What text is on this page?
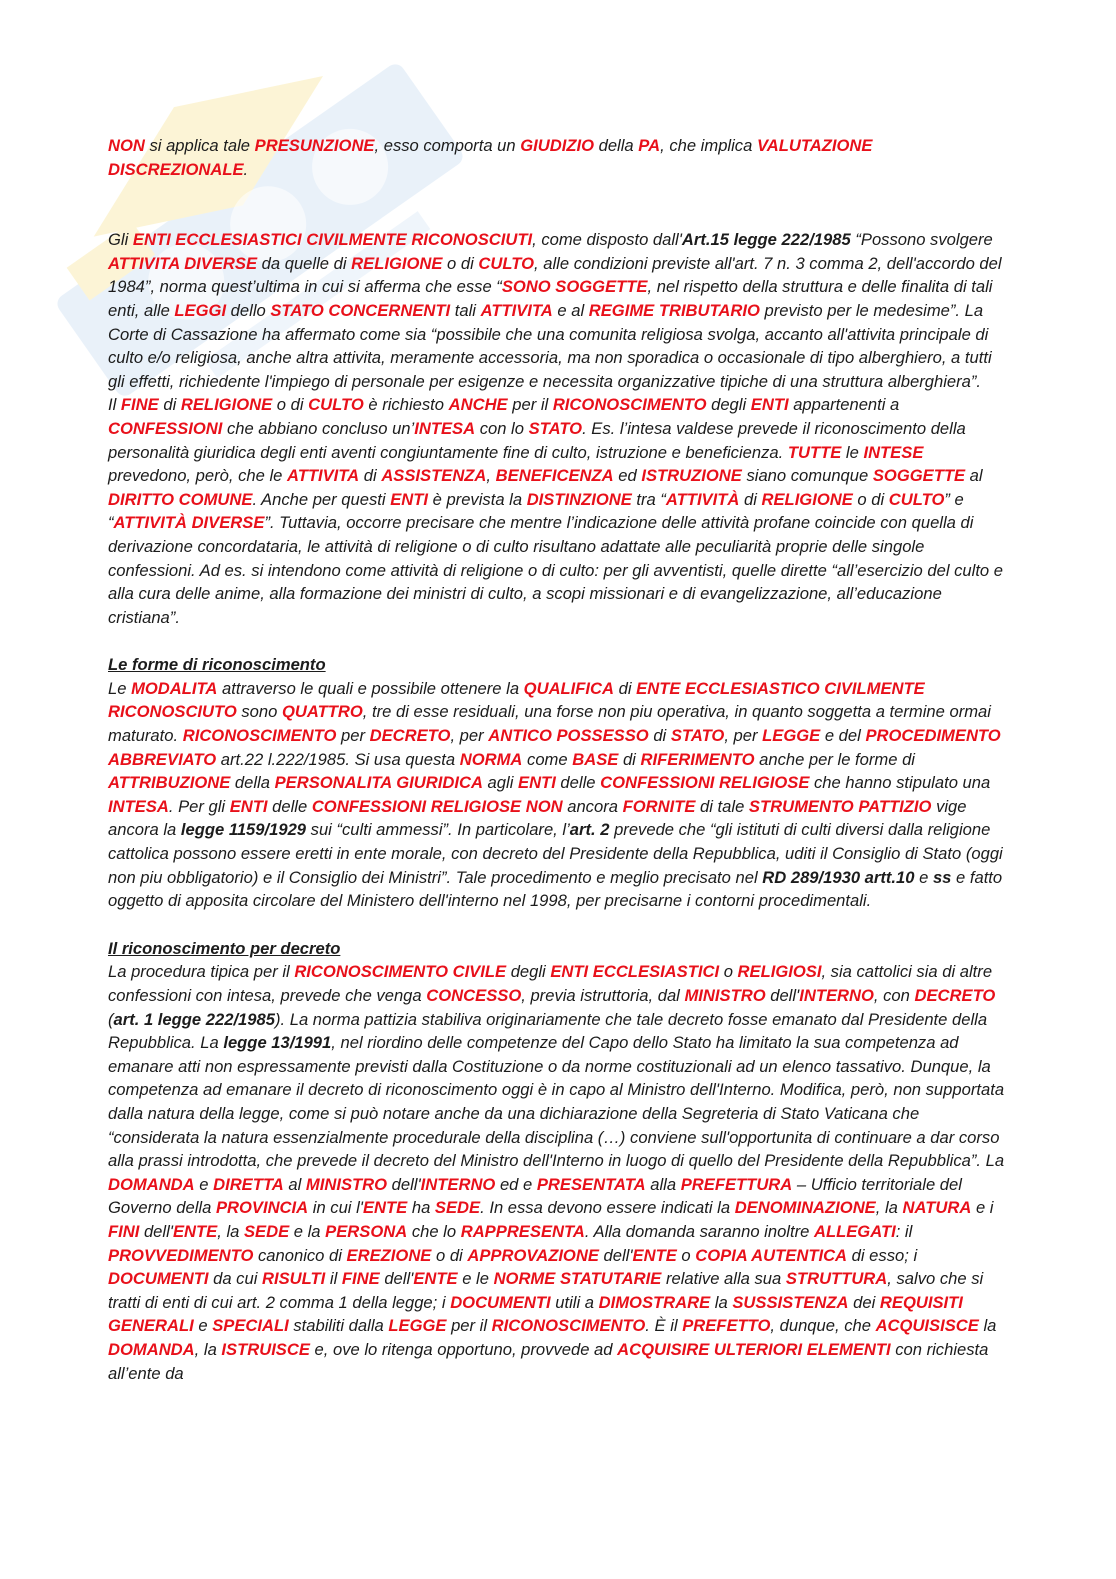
NON si applica tale PRESUNZIONE, esso comporta un GIUDIZIO della PA, che implica VALUTAZIONE DISCREZIONALE.

Gli ENTI ECCLESIASTICI CIVILMENTE RICONOSCIUTI, come disposto dall'Art.15 legge 222/1985 “Possono svolgere ATTIVITA DIVERSE da quelle di RELIGIONE o di CULTO, alle condizioni previste all'art. 7 n. 3 comma 2, dell'accordo del 1984”, norma quest’ultima in cui si afferma che esse “SONO SOGGETTE, nel rispetto della struttura e delle finalita di tali enti, alle LEGGI dello STATO CONCERNENTI tali ATTIVITA e al REGIME TRIBUTARIO previsto per le medesime”. La Corte di Cassazione ha affermato come sia “possibile che una comunita religiosa svolga, accanto all'attivita principale di culto e/o religiosa, anche altra attivita, meramente accessoria, ma non sporadica o occasionale di tipo alberghiero, a tutti gli effetti, richiedente l'impiego di personale per esigenze e necessita organizzative tipiche di una struttura alberghiera”.

Il FINE di RELIGIONE o di CULTO è richiesto ANCHE per il RICONOSCIMENTO degli ENTI appartenenti a CONFESSIONI che abbiano concluso un’INTESA con lo STATO. Es. l’intesa valdese prevede il riconoscimento della personalità giuridica degli enti aventi congiuntamente fine di culto, istruzione e beneficienza. TUTTE le INTESE prevedono, però, che le ATTIVITA di ASSISTENZA, BENEFICENZA ed ISTRUZIONE siano comunque SOGGETTE al DIRITTO COMUNE. Anche per questi ENTI è prevista la DISTINZIONE tra “ATTIVITÀ di RELIGIONE o di CULTO” e “ATTIVITÀ DIVERSE”. Tuttavia, occorre precisare che mentre l’indicazione delle attività profane coincide con quella di derivazione concordataria, le attività di religione o di culto risultano adattate alle peculiarità proprie delle singole confessioni. Ad es. si intendono come attività di religione o di culto: per gli avventisti, quelle dirette “all’esercizio del culto e alla cura delle anime, alla formazione dei ministri di culto, a scopi missionari e di evangelizzazione, all’educazione cristiana”.

Le forme di riconoscimento

Le MODALITA attraverso le quali e possibile ottenere la QUALIFICA di ENTE ECCLESIASTICO CIVILMENTE RICONOSCIUTO sono QUATTRO, tre di esse residuali, una forse non piu operativa, in quanto soggetta a termine ormai maturato. RICONOSCIMENTO per DECRETO, per ANTICO POSSESSO di STATO, per LEGGE e del PROCEDIMENTO ABBREVIATO art.22 l.222/1985. Si usa questa NORMA come BASE di RIFERIMENTO anche per le forme di ATTRIBUZIONE della PERSONALITA GIURIDICA agli ENTI delle CONFESSIONI RELIGIOSE che hanno stipulato una INTESA. Per gli ENTI delle CONFESSIONI RELIGIOSE NON ancora FORNITE di tale STRUMENTO PATTIZIO vige ancora la legge 1159/1929 sui “culti ammessi”. In particolare, l’art. 2 prevede che “gli istituti di culti diversi dalla religione cattolica possono essere eretti in ente morale, con decreto del Presidente della Repubblica, uditi il Consiglio di Stato (oggi non piu obbligatorio) e il Consiglio dei Ministri”. Tale procedimento e meglio precisato nel RD 289/1930 artt.10 e ss e fatto oggetto di apposita circolare del Ministero dell'interno nel 1998, per precisarne i contorni procedimentali.

Il riconoscimento per decreto

La procedura tipica per il RICONOSCIMENTO CIVILE degli ENTI ECCLESIASTICI o RELIGIOSI, sia cattolici sia di altre confessioni con intesa, prevede che venga CONCESSO, previa istruttoria, dal MINISTRO dell'INTERNO, con DECRETO (art. 1 legge 222/1985). La norma pattizia stabiliva originariamente che tale decreto fosse emanato dal Presidente della Repubblica. La legge 13/1991, nel riordino delle competenze del Capo dello Stato ha limitato la sua competenza ad emanare atti non espressamente previsti dalla Costituzione o da norme costituzionali ad un elenco tassativo. Dunque, la competenza ad emanare il decreto di riconoscimento oggi è in capo al Ministro dell'Interno. Modifica, però, non supportata dalla natura della legge, come si può notare anche da una dichiarazione della Segreteria di Stato Vaticana che “considerata la natura essenzialmente procedurale della disciplina (…) conviene sull'opportunita di continuare a dar corso alla prassi introdotta, che prevede il decreto del Ministro dell'Interno in luogo di quello del Presidente della Repubblica”. La DOMANDA e DIRETTA al MINISTRO dell'INTERNO ed e PRESENTATA alla PREFETTURA – Ufficio territoriale del Governo della PROVINCIA in cui l'ENTE ha SEDE. In essa devono essere indicati la DENOMINAZIONE, la NATURA e i FINI dell'ENTE, la SEDE e la PERSONA che lo RAPPRESENTA. Alla domanda saranno inoltre ALLEGATI: il PROVVEDIMENTO canonico di EREZIONE o di APPROVAZIONE dell'ENTE o COPIA AUTENTICA di esso; i DOCUMENTI da cui RISULTI il FINE dell'ENTE e le NORME STATUTARIE relative alla sua STRUTTURA, salvo che si tratti di enti di cui art. 2 comma 1 della legge; i DOCUMENTI utili a DIMOSTRARE la SUSSISTENZA dei REQUISITI GENERALI e SPECIALI stabiliti dalla LEGGE per il RICONOSCIMENTO. È il PREFETTO, dunque, che ACQUISISCE la DOMANDA, la ISTRUISCE e, ove lo ritenga opportuno, provvede ad ACQUISIRE ULTERIORI ELEMENTI con richiesta all’ente da
